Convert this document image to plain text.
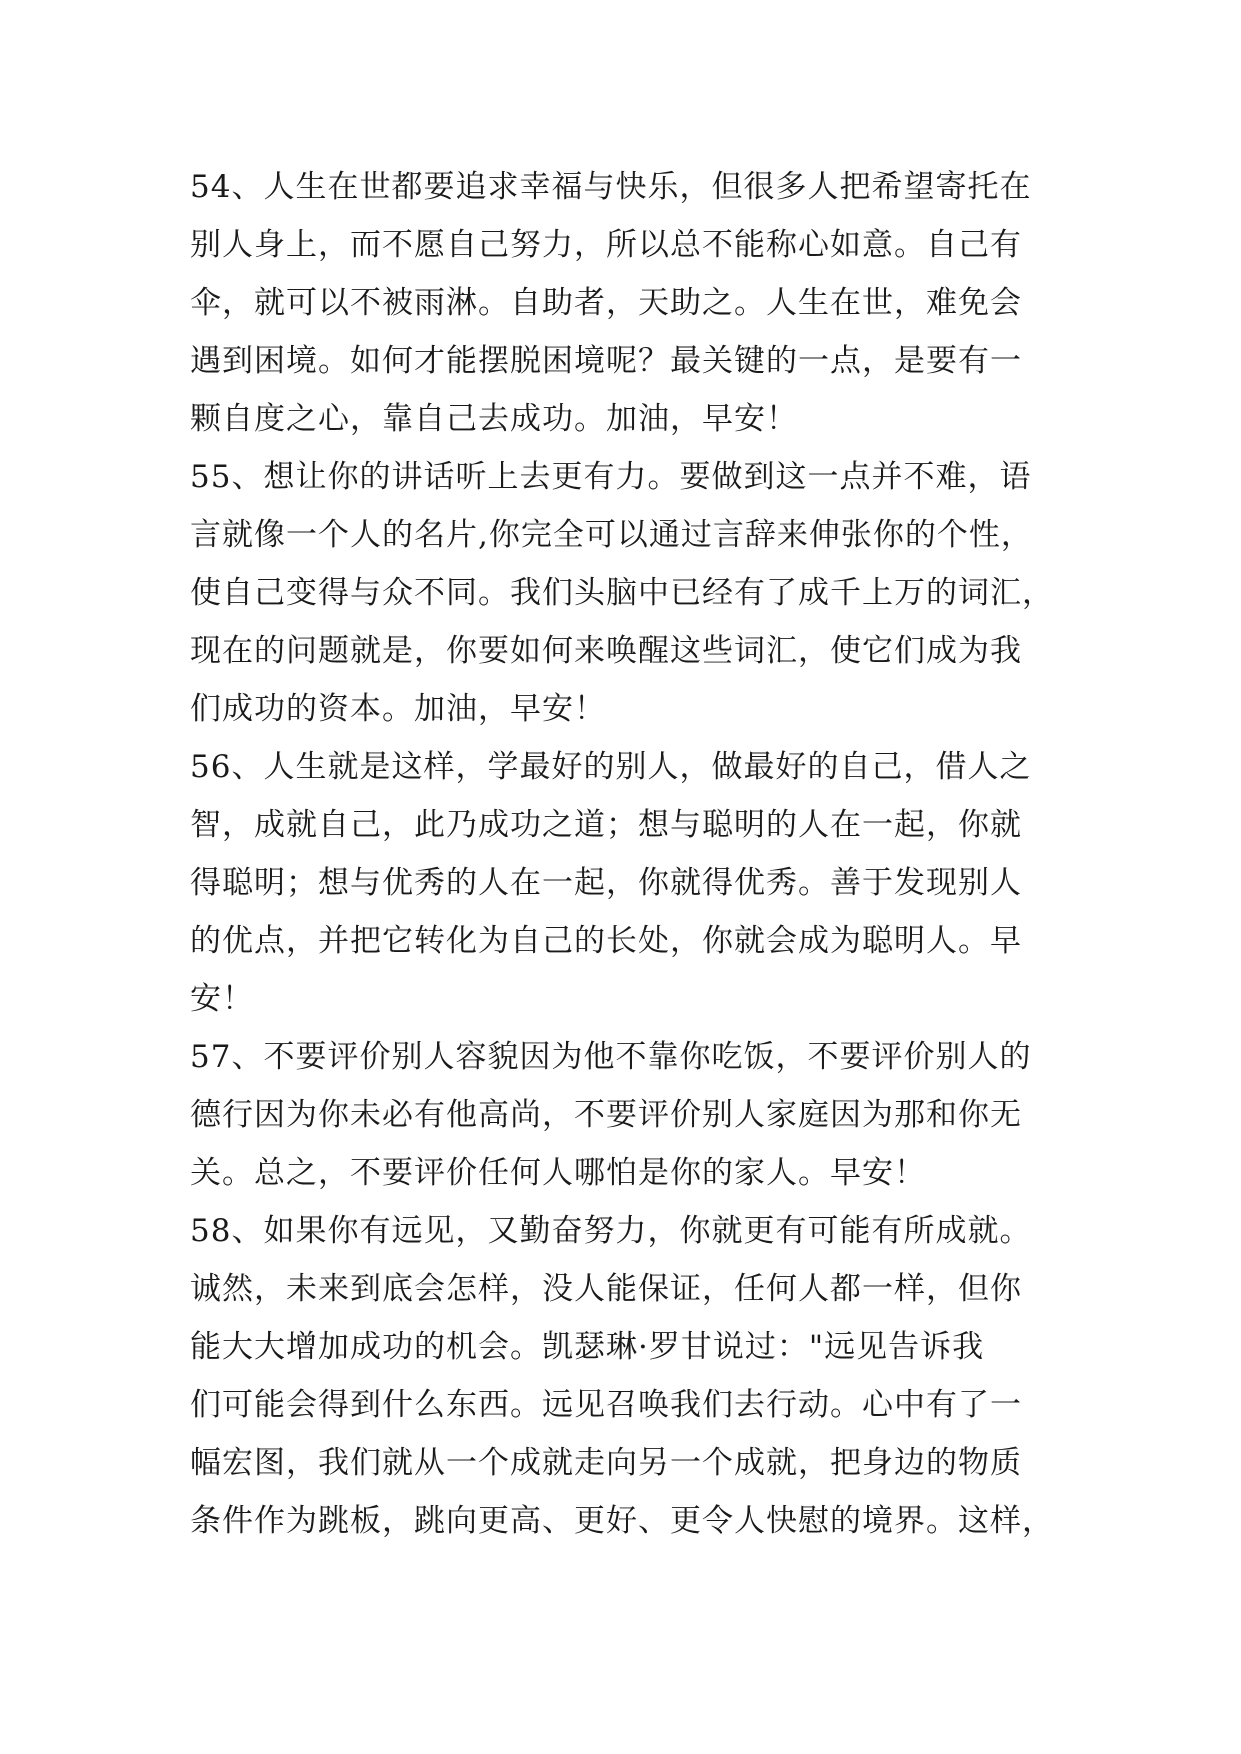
54、人生在世都要追求幸福与快乐，但很多人把希望寄托在
别人身上，而不愿自己努力，所以总不能称心如意。自己有
伞，就可以不被雨淋。自助者，天助之。人生在世，难免会
遇到困境。如何才能摆脱困境呢？最关键的一点，是要有一
颗自度之心，靠自己去成功。加油，早安！
55、想让你的讲话听上去更有力。要做到这一点并不难，语
言就像一个人的名片,你完全可以通过言辞来伸张你的个性，
使自己变得与众不同。我们头脑中已经有了成千上万的词汇，
现在的问题就是，你要如何来唤醒这些词汇，使它们成为我
们成功的资本。加油，早安！
56、人生就是这样，学最好的别人，做最好的自己，借人之
智，成就自己，此乃成功之道；想与聪明的人在一起，你就
得聪明；想与优秀的人在一起，你就得优秀。善于发现别人
的优点，并把它转化为自己的长处，你就会成为聪明人。早
安！
57、不要评价别人容貌因为他不靠你吃饭，不要评价别人的
德行因为你未必有他高尚，不要评价别人家庭因为那和你无
关。总之，不要评价任何人哪怕是你的家人。早安！
58、如果你有远见，又勤奋努力，你就更有可能有所成就。
诚然，未来到底会怎样，没人能保证，任何人都一样，但你
能大大增加成功的机会。凯瑟琳·罗甘说过："远见告诉我
们可能会得到什么东西。远见召唤我们去行动。心中有了一
幅宏图，我们就从一个成就走向另一个成就，把身边的物质
条件作为跳板，跳向更高、更好、更令人快慰的境界。这样，
